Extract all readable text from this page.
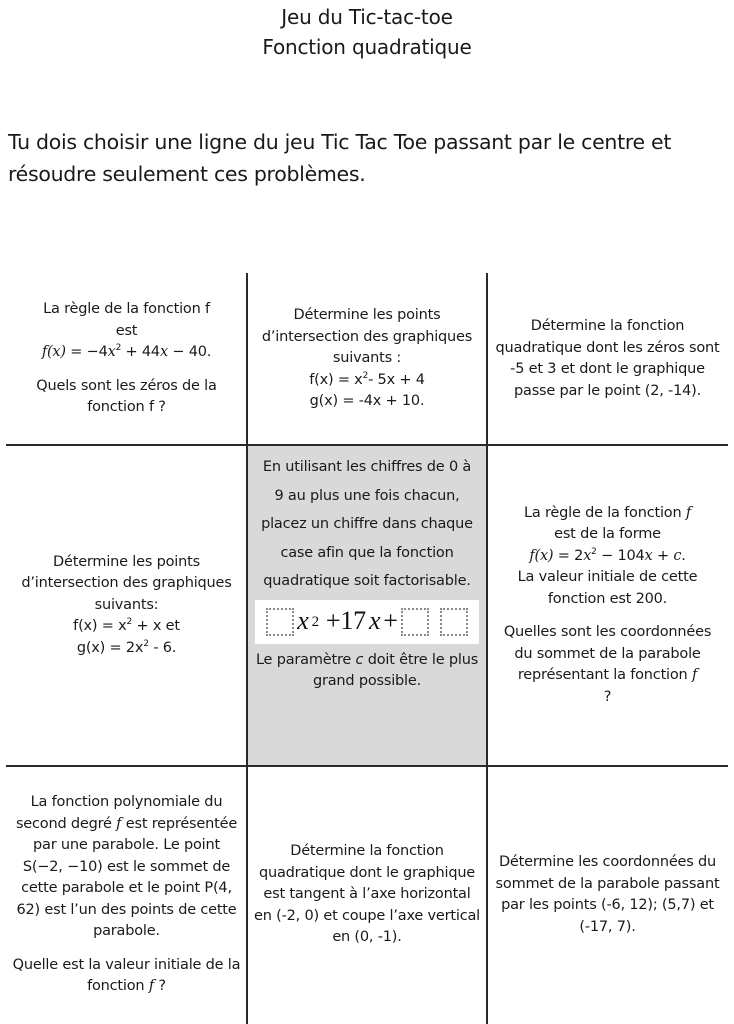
Jeu du Tic-tac-toe
Fonction quadratique
Tu dois choisir une ligne du jeu Tic Tac Toe passant par le centre et résoudre seulement ces problèmes.
La règle de la fonction f
est
$f(x) = -4x^2 + 44x - 40$.
Quels sont les zéros de la fonction f ?
Détermine les points d’intersection des graphiques suivants :
$f(x) = x^2-$ 5x + 4
g(x) = -4x + 10.
Détermine la fonction quadratique dont les zéros sont -5 et 3 et dont le graphique passe par le point (2, -14).
Détermine les points d’intersection des graphiques suivants:
$f(x) = x^2 + x$ et
$g(x) = 2x^2 - 6$.
En utilisant les chiffres de 0 à 9 au plus une fois chacun, placez un chiffre dans chaque case afin que la fonction quadratique soit factorisable.
x 2 +17 x +
Le paramètre c doit être le plus grand possible.
La règle de la fonction f
est de la forme
$f(x) = 2x^2 - 104x + c$.
La valeur initiale de cette fonction est 200.
Quelles sont les coordonnées du sommet de la parabole représentant la fonction f
?
La fonction polynomiale du second degré f est représentée par une parabole. Le point S(−2, −10) est le sommet de cette parabole et le point P(4, 62) est l’un des points de cette parabole.
Quelle est la valeur initiale de la fonction f ?
Détermine la fonction quadratique dont le graphique est tangent à l’axe horizontal en (-2, 0) et coupe l’axe vertical en (0, -1).
Détermine les coordonnées du sommet de la parabole passant par les points (-6, 12); (5,7) et (-17, 7).
